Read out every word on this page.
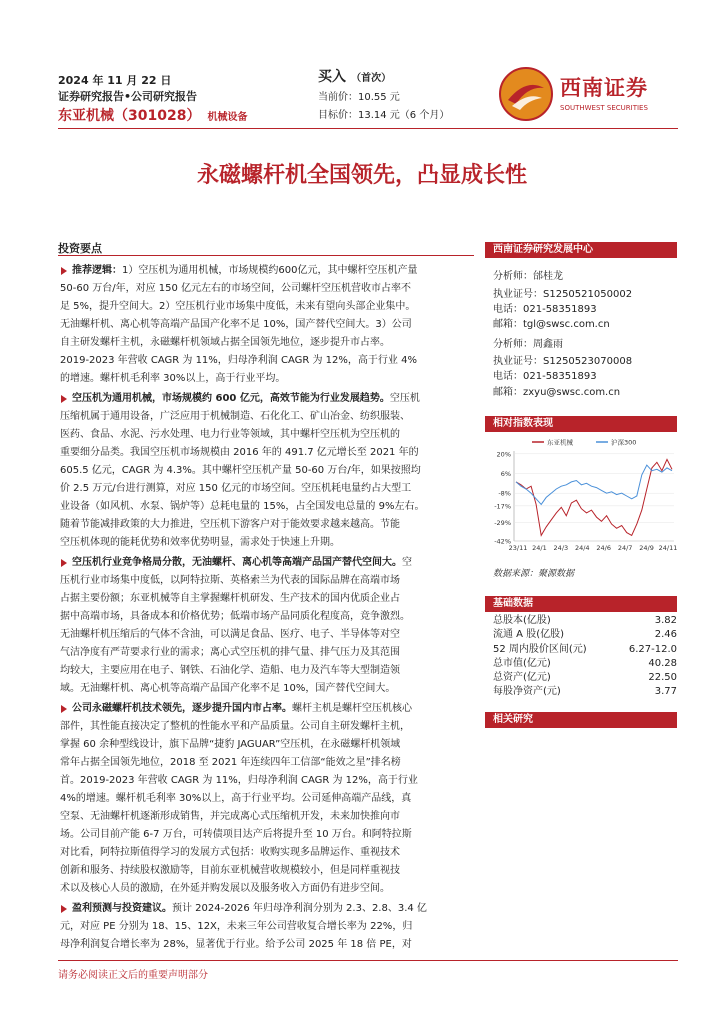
2024 年 11 月 22 日
证券研究报告•公司研究报告
东亚机械（301028） 机械设备
买入 （首次）
当前价：10.55 元
目标价：13.14 元（6 个月）
西南证券
SOUTHWEST SECURITIES
永磁螺杆机全国领先，凸显成长性
投资要点
推荐逻辑：1）空压机为通用机械，市场规模约600亿元，其中螺杆空压机产量
50-60 万台/年，对应 150 亿元左右的市场空间，公司螺杆空压机营收市占率不
足 5%，提升空间大。2）空压机行业市场集中度低，未来有望向头部企业集中。
无油螺杆机、离心机等高端产品国产化率不足 10%，国产替代空间大。3）公司
自主研发螺杆主机，永磁螺杆机领域占据全国领先地位，逐步提升市占率。
2019-2023 年营收 CAGR 为 11%，归母净利润 CAGR 为 12%，高于行业 4%
的增速。螺杆机毛利率 30%以上，高于行业平均。
空压机为通用机械，市场规模约 600 亿元，高效节能为行业发展趋势。空压机
压缩机属于通用设备，广泛应用于机械制造、石化化工、矿山冶金、纺织服装、
医药、食品、水泥、污水处理、电力行业等领域，其中螺杆空压机为空压机的
重要细分品类。我国空压机市场规模由 2016 年的 491.7 亿元增长至 2021 年的
605.5 亿元，CAGR 为 4.3%。其中螺杆空压机产量 50-60 万台/年，如果按照均
价 2.5 万元/台进行测算，对应 150 亿元的市场空间。空压机耗电量约占大型工
业设备（如风机、水泵、锅炉等）总耗电量的 15%，占全国发电总量的 9%左右。
随着节能减排政策的大力推进，空压机下游客户对于能效要求越来越高。节能
空压机体现的能耗优势和效率优势明显，需求处于快速上升期。
空压机行业竞争格局分散，无油螺杆、离心机等高端产品国产替代空间大。空
压机行业市场集中度低，以阿特拉斯、英格索兰为代表的国际品牌在高端市场
占据主要份额；东亚机械等自主掌握螺杆机研发、生产技术的国内优质企业占
据中高端市场，具备成本和价格优势；低端市场产品同质化程度高，竞争激烈。
无油螺杆机压缩后的气体不含油，可以满足食品、医疗、电子、半导体等对空
气洁净度有严苛要求行业的需求；离心式空压机的排气量、排气压力及其范围
均较大，主要应用在电子、钢铁、石油化学、造船、电力及汽车等大型制造领
域。无油螺杆机、离心机等高端产品国产化率不足 10%，国产替代空间大。
公司永磁螺杆机技术领先，逐步提升国内市占率。螺杆主机是螺杆空压机核心
部件，其性能直接决定了整机的性能水平和产品质量。公司自主研发螺杆主机，
掌握 60 余种型线设计，旗下品牌“捷豹 JAGUAR”空压机，在永磁螺杆机领域
常年占据全国领先地位，2018 至 2021 年连续四年工信部“能效之星”排名榜
首。2019-2023 年营收 CAGR 为 11%，归母净利润 CAGR 为 12%，高于行业
4%的增速。螺杆机毛利率 30%以上，高于行业平均。公司延伸高端产品线，真
空泵、无油螺杆机逐渐形成销售，并完成离心式压缩机开发，未来加快推向市
场。公司目前产能 6-7 万台，可转债项目达产后将提升至 10 万台。和阿特拉斯
对比看，阿特拉斯值得学习的发展方式包括：收购实现多品牌运作、重视技术
创新和服务、持续股权激励等，目前东亚机械营收规模较小，但是同样重视技
术以及核心人员的激励，在外延并购发展以及服务收入方面仍有进步空间。
盈利预测与投资建议。预计 2024-2026 年归母净利润分别为 2.3、2.8、3.4 亿
元，对应 PE 分别为 18、15、12X，未来三年公司营收复合增长率为 22%，归
母净利润复合增长率为 28%，显著优于行业。给予公司 2025 年 18 倍 PE，对
西南证券研究发展中心
分析师：邰桂龙
执业证号：S1250521050002
电话：021-58351893
邮箱：tgl@swsc.com.cn
分析师：周鑫雨
执业证号：S1250523070008
电话：021-58351893
邮箱：zxyu@swsc.com.cn
相对指数表现
东亚机械	沪深300
20%
6%
-8%
-17%
-29%
-42%
23/11 24/1 24/3 24/4 24/6 24/7 24/9 24/11
数据来源：聚源数据
基础数据
总股本(亿股)	3.82
流通 A 股(亿股)	2.46
52 周内股价区间(元)	6.27-12.0
总市值(亿元)	40.28
总资产(亿元)	22.50
每股净资产(元)	3.77
相关研究
请务必阅读正文后的重要声明部分
